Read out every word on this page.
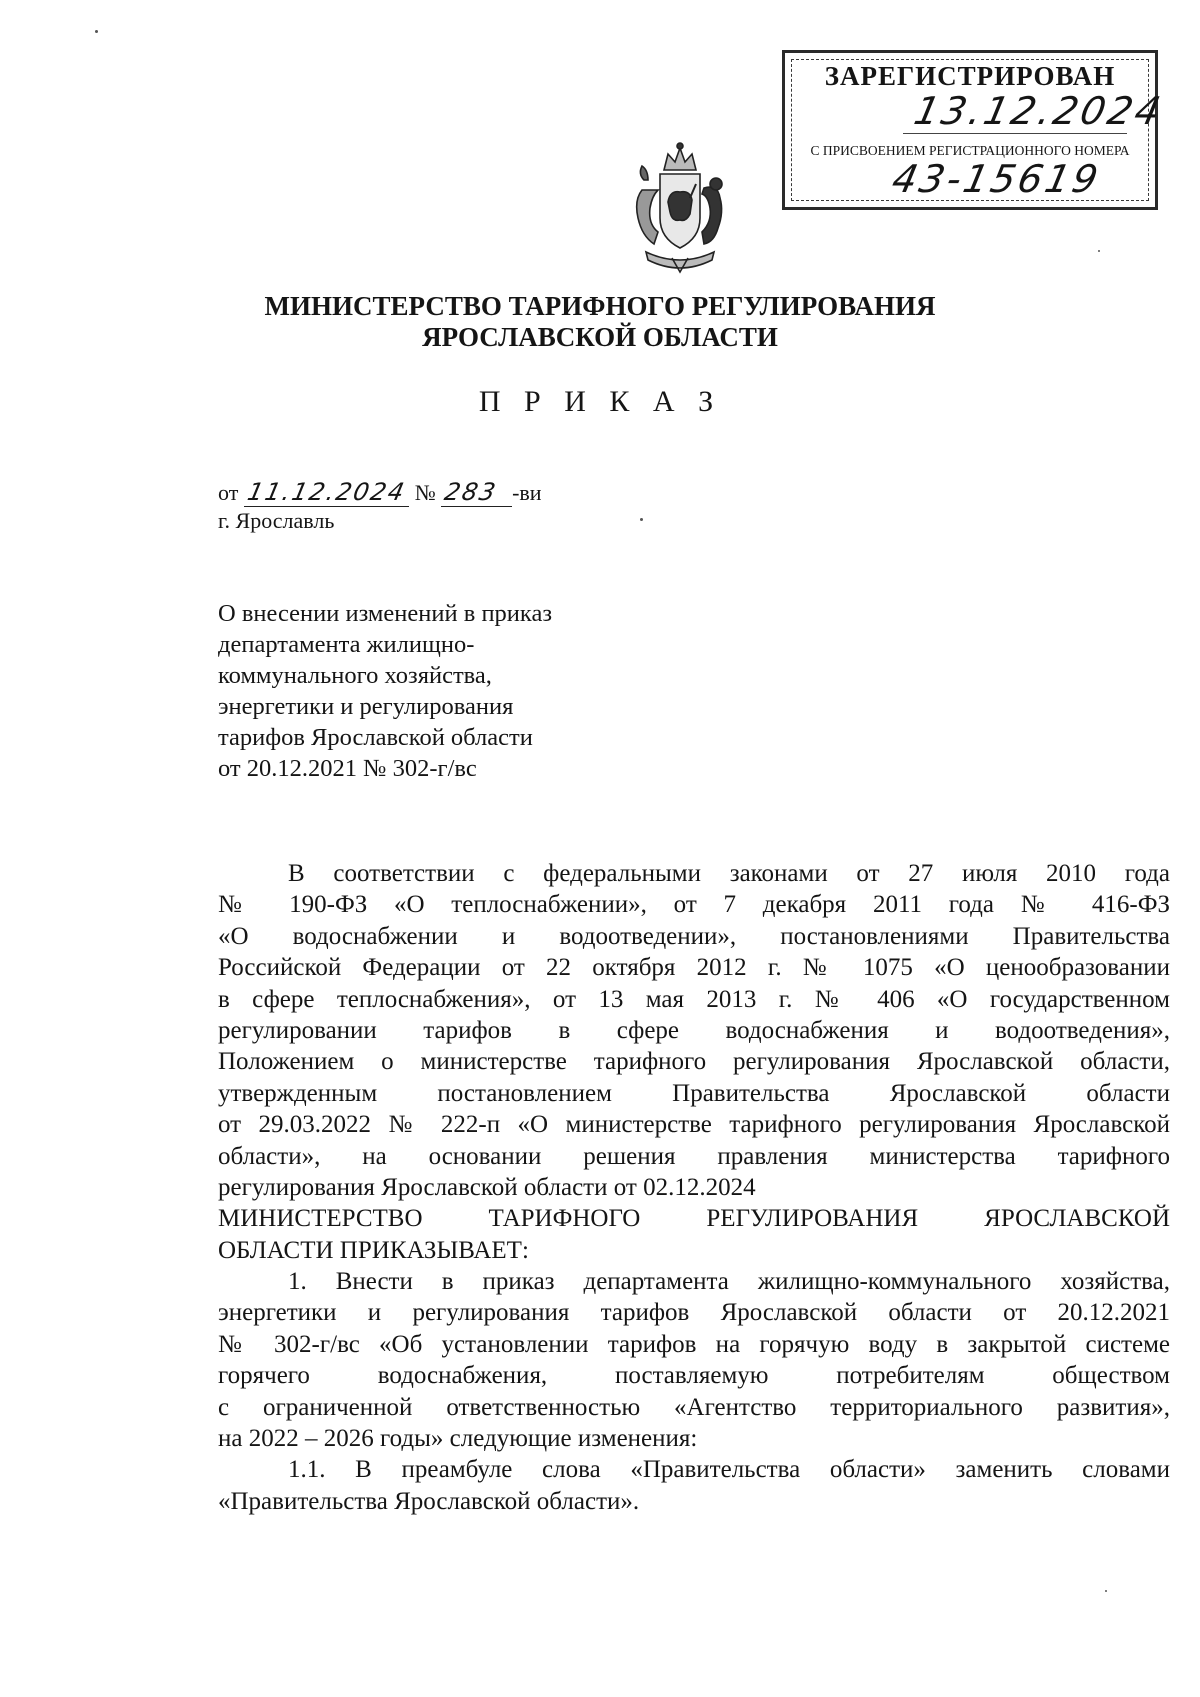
ЗАРЕГИСТРИРОВАН
13.12.2024
С ПРИСВОЕНИЕМ РЕГИСТРАЦИОННОГО НОМЕРА
43-15619
МИНИСТЕРСТВО ТАРИФНОГО РЕГУЛИРОВАНИЯ
ЯРОСЛАВСКОЙ ОБЛАСТИ
П Р И К А З
от 11.12.2024 № 283 -ви
г. Ярославль
О внесении изменений в приказ
департамента жилищно-
коммунального хозяйства,
энергетики и регулирования
тарифов Ярославской области
от 20.12.2021 № 302-г/вс
В соответствии с федеральными законами от 27 июля 2010 года
№ 190-ФЗ «О теплоснабжении», от 7 декабря 2011 года № 416-ФЗ
«О водоснабжении и водоотведении», постановлениями Правительства
Российской Федерации от 22 октября 2012 г. № 1075 «О ценообразовании
в сфере теплоснабжения», от 13 мая 2013 г. № 406 «О государственном
регулировании тарифов в сфере водоснабжения и водоотведения»,
Положением о министерстве тарифного регулирования Ярославской области,
утвержденным постановлением Правительства Ярославской области
от 29.03.2022 № 222-п «О министерстве тарифного регулирования Ярославской
области», на основании решения правления министерства тарифного
регулирования Ярославской области от 02.12.2024
МИНИСТЕРСТВО ТАРИФНОГО РЕГУЛИРОВАНИЯ ЯРОСЛАВСКОЙ
ОБЛАСТИ ПРИКАЗЫВАЕТ:
1. Внести в приказ департамента жилищно-коммунального хозяйства,
энергетики и регулирования тарифов Ярославской области от 20.12.2021
№ 302-г/вс «Об установлении тарифов на горячую воду в закрытой системе
горячего водоснабжения, поставляемую потребителям обществом
с ограниченной ответственностью «Агентство территориального развития»,
на 2022 – 2026 годы» следующие изменения:
1.1. В преамбуле слова «Правительства области» заменить словами
«Правительства Ярославской области».
